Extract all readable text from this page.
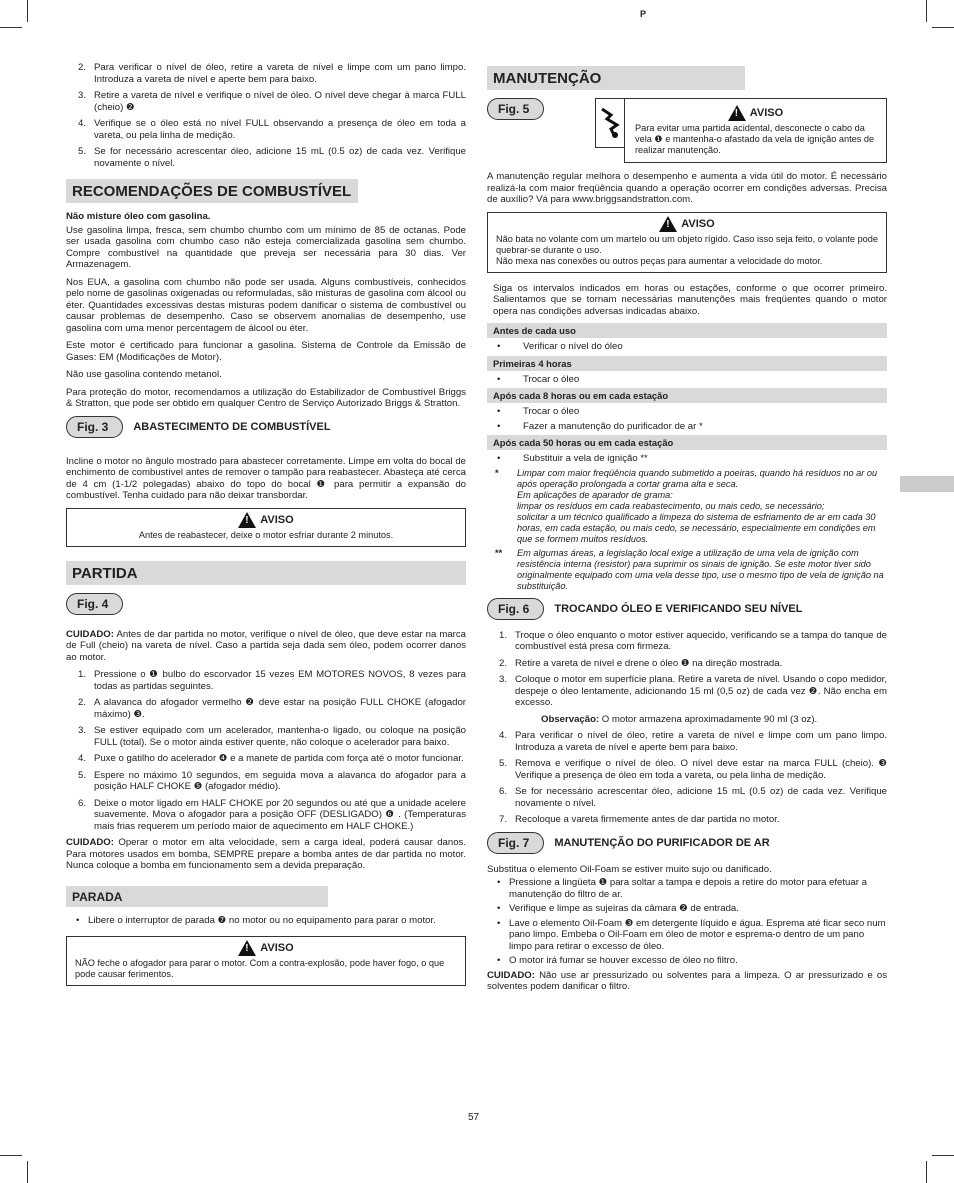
P
2. Para verificar o nível de óleo, retire a vareta de nível e limpe com um pano limpo. Introduza a vareta de nível e aperte bem para baixo.
3. Retire a vareta de nível e verifique o nível de óleo. O nível deve chegar à marca FULL (cheio) ❷
4. Verifique se o óleo está no nível FULL observando a presença de óleo em toda a vareta, ou pela linha de medição.
5. Se for necessário acrescentar óleo, adicione 15 mL (0.5 oz) de cada vez. Verifique novamente o nível.
RECOMENDAÇÕES DE COMBUSTÍVEL

Não misture óleo com gasolina.

Use gasolina limpa, fresca, sem chumbo chumbo com um mínimo de 85 de octanas. Pode ser usada gasolina com chumbo caso não esteja comercializada gasolina sem chumbo. Compre combustível na quantidade que preveja ser necessária para 30 dias. Ver Armazenagem.

Nos EUA, a gasolina com chumbo não pode ser usada. Alguns combustíveis, conhecidos pelo nome de gasolinas oxigenadas ou reformuladas, são misturas de gasolina com álcool ou éter. Quantidades excessivas destas misturas podem danificar o sistema de combustível ou causar problemas de desempenho. Caso se observem anomalias de desempenho, use gasolina com uma menor percentagem de álcool ou éter.

Este motor é certificado para funcionar a gasolina. Sistema de Controle da Emissão de Gases: EM (Modificações de Motor).

Não use gasolina contendo metanol.

Para proteção do motor, recomendamos a utilização do Estabilizador de Combustível Briggs & Stratton, que pode ser obtido em qualquer Centro de Serviço Autorizado Briggs & Stratton.

Fig. 3	ABASTECIMENTO DE COMBUSTÍVEL

Incline o motor no ângulo mostrado para abastecer corretamente. Limpe em volta do bocal de enchimento de combustível antes de remover o tampão para reabastecer. Abasteça até cerca de 4 cm (1-1/2 polegadas) abaixo do topo do bocal ❶ para permitir a expansão do combustível. Tenha cuidado para não deixar transbordar.

!
AVISO
Antes de reabastecer, deixe o motor esfriar durante 2 minutos.
PARTIDA
Fig. 4

CUIDADO: Antes de dar partida no motor, verifique o nível de óleo, que deve estar na marca de Full (cheio) na vareta de nível. Caso a partida seja dada sem óleo, podem ocorrer danos ao motor.

1. Pressione o ❶ bulbo do escorvador 15 vezes EM MOTORES NOVOS, 8 vezes para todas as partidas seguintes.
2. A alavanca do afogador vermelho ❷ deve estar na posição FULL CHOKE (afogador máximo) ❸.
3. Se estiver equipado com um acelerador, mantenha-o ligado, ou coloque na posição FULL (total). Se o motor ainda estiver quente, não coloque o acelerador para baixo.
4. Puxe o gatilho do acelerador ❹ e a manete de partida com força até o motor funcionar.
5. Espere no máximo 10 segundos, em seguida mova a alavanca do afogador para a posição HALF CHOKE ❺ (afogador médio).
6. Deixe o motor ligado em HALF CHOKE por 20 segundos ou até que a unidade acelere suavemente. Mova o afogador para a posição OFF (DESLIGADO) ❻ . (Temperaturas mais frias requerem um período maior de aquecimento em HALF CHOKE.)

CUIDADO: Operar o motor em alta velocidade, sem a carga ideal, poderá causar danos. Para motores usados em bomba, SEMPRE prepare a bomba antes de dar partida no motor. Nunca coloque a bomba em funcionamento sem a devida preparação.

PARADA
• Libere o interruptor de parada ❼ no motor ou no equipamento para parar o motor.
!
AVISO
NÃO feche o afogador para parar o motor. Com a contra-explosão, pode haver fogo, o que pode causar ferimentos.
MANUTENÇÃO
Fig. 5
!	AVISO
Para evitar uma partida acidental, desconecte o cabo da vela ❶ e mantenha-o afastado da vela de ignição antes de realizar manutenção.

A manutenção regular melhora o desempenho e aumenta a vida útil do motor. É necessário realizá-la com maior freqüência quando a operação ocorrer em condições adversas. Precisa de auxílio? Vá para www.briggsandstratton.com.

!
AVISO
Não bata no volante com um martelo ou um objeto rígido. Caso isso seja feito, o volante pode quebrar-se durante o uso.
Não mexa nas conexões ou outros peças para aumentar a velocidade do motor.

Siga os intervalos indicados em horas ou estações, conforme o que ocorrer primeiro. Salientamos que se tornam necessárias manutenções mais freqüentes quando o motor opera nas condições adversas indicadas abaixo.

Antes de cada uso
• Verificar o nível do óleo
Primeiras 4 horas
• Trocar o óleo
Após cada 8 horas ou em cada estação
• Trocar o óleo
• Fazer a manutenção do purificador de ar *
Após cada 50 horas ou em cada estação
• Substituir a vela de ignição **
* Limpar com maior freqüência quando submetido a poeiras, quando há resíduos no ar ou após operação prolongada a cortar grama alta e seca.
Em aplicações de aparador de grama:
limpar os resíduos em cada reabastecimento, ou mais cedo, se necessário;
solicitar a um técnico qualificado a limpeza do sistema de esfriamento de ar em cada 30 horas, em cada estação, ou mais cedo, se necessário, especialmente em condições em que se formem muitos resíduos.
** Em algumas áreas, a legislação local exige a utilização de uma vela de ignição com resistência interna (resistor) para suprimir os sinais de ignição. Se este motor tiver sido originalmente equipado com uma vela desse tipo, use o mesmo tipo de vela de ignição na substituição.
Fig. 6	TROCANDO ÓLEO E VERIFICANDO SEU NÍVEL
1. Troque o óleo enquanto o motor estiver aquecido, verificando se a tampa do tanque de combustível está presa com firmeza.
2. Retire a vareta de nível e drene o óleo ❶ na direção mostrada.
3. Coloque o motor em superfície plana. Retire a vareta de nível. Usando o copo medidor, despeje o óleo lentamente, adicionando 15 ml (0,5 oz) de cada vez ❷. Não encha em excesso.
Observação: O motor armazena aproximadamente 90 ml (3 oz).
4. Para verificar o nível de óleo, retire a vareta de nível e limpe com um pano limpo. Introduza a vareta de nível e aperte bem para baixo.
5. Remova e verifique o nível de óleo. O nível deve estar na marca FULL (cheio). ❸ Verifique a presença de óleo em toda a vareta, ou pela linha de medição.
6. Se for necessário acrescentar óleo, adicione 15 mL (0.5 oz) de cada vez. Verifique novamente o nível.
7. Recoloque a vareta firmemente antes de dar partida no motor.
Fig. 7	MANUTENÇÃO DO PURIFICADOR DE AR

Substitua o elemento Oil-Foam se estiver muito sujo ou danificado.

• Pressione a lingüeta ❶ para soltar a tampa e depois a retire do motor para efetuar a manutenção do filtro de ar.
• Verifique e limpe as sujeiras da câmara ❷ de entrada.
• Lave o elemento Oil-Foam ❸ em detergente líquido e água. Esprema até ficar seco num pano limpo. Embeba o Oil-Foam em óleo de motor e esprema-o dentro de um pano limpo para retirar o excesso de óleo.
• O motor irá fumar se houver excesso de óleo no filtro.

CUIDADO: Não use ar pressurizado ou solventes para a limpeza. O ar pressurizado e os solventes podem danificar o filtro.

57
